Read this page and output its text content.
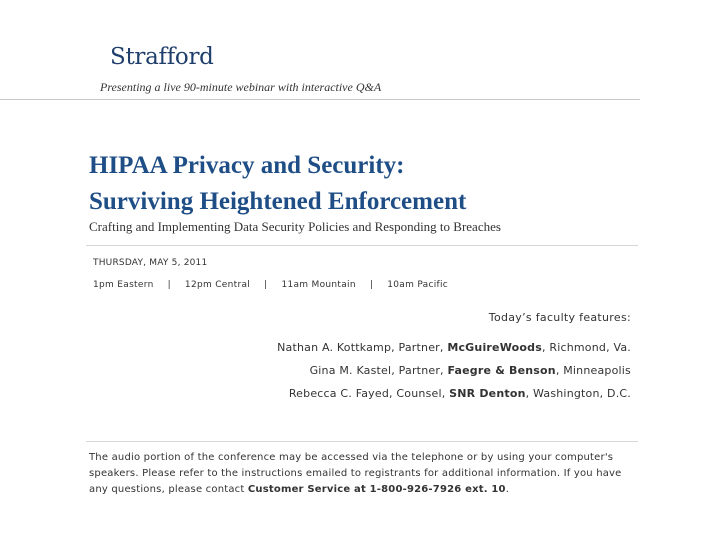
Strafford
Presenting a live 90-minute webinar with interactive Q&A
HIPAA Privacy and Security:
Surviving Heightened Enforcement
Crafting and Implementing Data Security Policies and Responding to Breaches
THURSDAY, MAY 5, 2011
1pm Eastern | 12pm Central | 11am Mountain | 10am Pacific
Today’s faculty features:
Nathan A. Kottkamp, Partner, McGuireWoods, Richmond, Va.
Gina M. Kastel, Partner, Faegre & Benson, Minneapolis
Rebecca C. Fayed, Counsel, SNR Denton, Washington, D.C.
The audio portion of the conference may be accessed via the telephone or by using your computer's speakers. Please refer to the instructions emailed to registrants for additional information. If you have any questions, please contact Customer Service at 1-800-926-7926 ext. 10.
